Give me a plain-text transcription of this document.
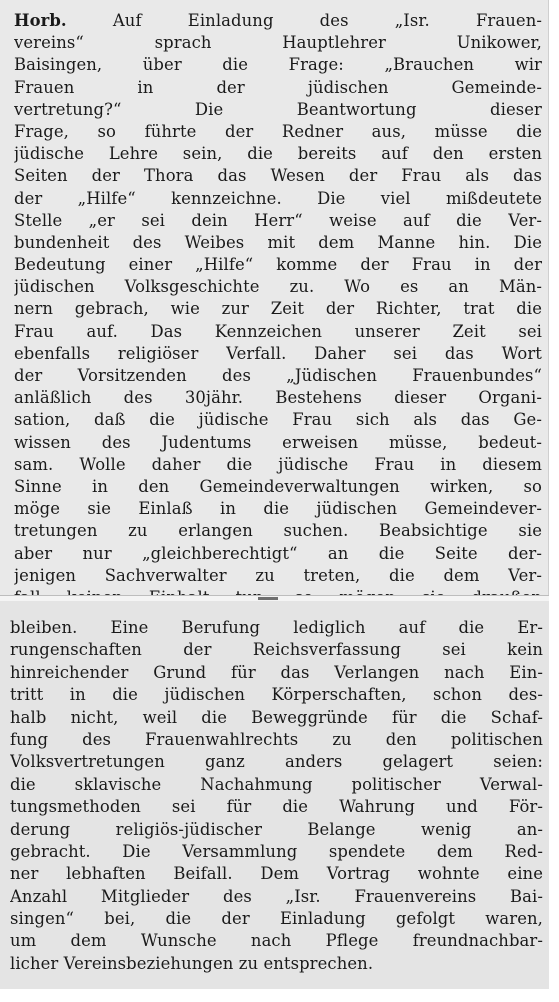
Horb.	Auf Einladung des „Isr. Frauen-
vereins“ sprach Hauptlehrer Unikower,
Baisingen, über die Frage: „Brauchen wir
Frauen in der jüdischen Gemeinde-
vertretung?“ Die Beantwortung dieser
Frage, so führte der Redner aus, müsse die
jüdische Lehre sein, die bereits auf den ersten
Seiten der Thora das Wesen der Frau als das
der „Hilfe“ kennzeichne. Die viel mißdeutete
Stelle „er sei dein Herr“ weise auf die Ver-
bundenheit des Weibes mit dem Manne hin. Die
Bedeutung einer „Hilfe“ komme der Frau in der
jüdischen Volksgeschichte zu. Wo es an Män-
nern gebrach, wie zur Zeit der Richter, trat die
Frau auf. Das Kennzeichen unserer Zeit sei
ebenfalls religiöser Verfall. Daher sei das Wort
der Vorsitzenden des „Jüdischen Frauenbundes“
anläßlich des 30jähr. Bestehens dieser Organi-
sation, daß die jüdische Frau sich als das Ge-
wissen des Judentums erweisen müsse, bedeut-
sam. Wolle daher die jüdische Frau in diesem
Sinne in den Gemeindeverwaltungen wirken, so
möge sie Einlaß in die jüdischen Gemeindever-
tretungen zu erlangen suchen. Beabsichtige sie
aber nur „gleichberechtigt“ an die Seite der-
jenigen Sachverwalter zu treten, die dem Ver-
bleiben. Eine Berufung lediglich auf die Er-
rungenschaften der Reichsverfassung sei kein
hinreichender Grund für das Verlangen nach Ein-
tritt in die jüdischen Körperschaften, schon des-
halb nicht, weil die Beweggründe für die Schaf-
fung des Frauenwahlrechts zu den politischen
Volksvertretungen ganz anders gelagert seien:
die sklavische Nachahmung politischer Verwal-
tungsmethoden sei für die Wahrung und För-
derung religiös-jüdischer Belange wenig an-
gebracht. Die Versammlung spendete dem Red-
ner lebhaften Beifall. Dem Vortrag wohnte eine
Anzahl Mitglieder des „Isr. Frauenvereins Bai-
singen“ bei, die der Einladung gefolgt waren,
um dem Wunsche nach Pflege freundnachbar-
licher Vereinsbeziehungen zu entsprechen.
